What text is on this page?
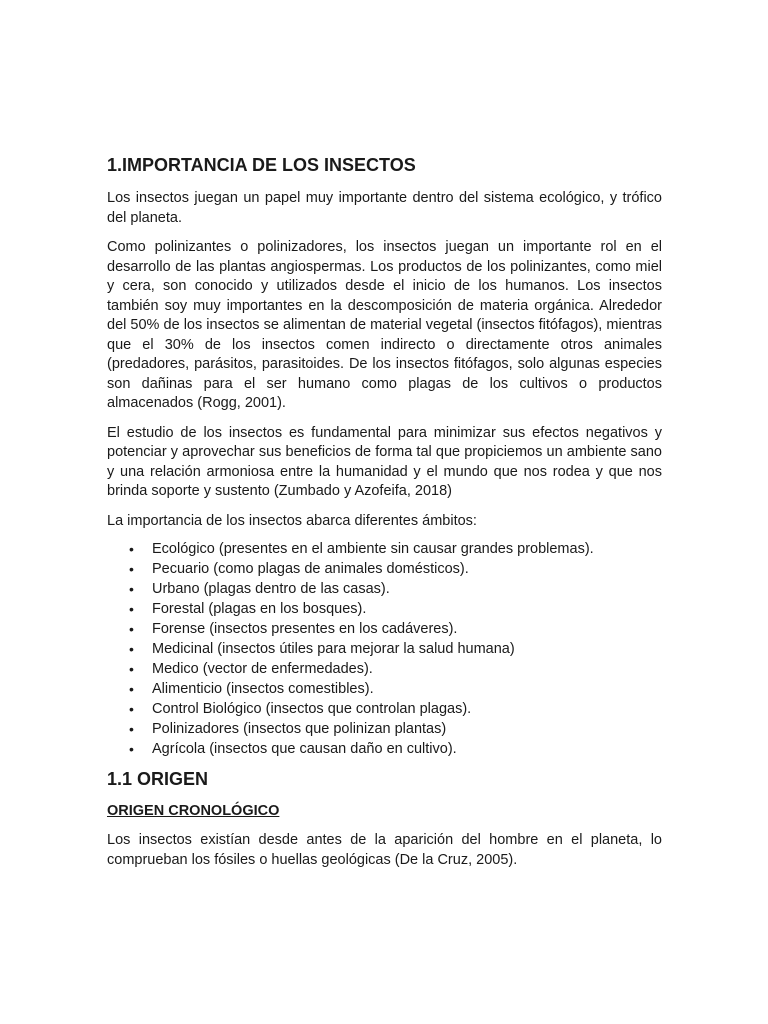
1.IMPORTANCIA DE LOS INSECTOS

Los insectos juegan un papel muy importante dentro del sistema ecológico, y trófico del planeta.

Como polinizantes o polinizadores, los insectos juegan un importante rol en el desarrollo de las plantas angiospermas. Los productos de los polinizantes, como miel y cera, son conocido y utilizados desde el inicio de los humanos. Los insectos también soy muy importantes en la descomposición de materia orgánica. Alrededor del 50% de los insectos se alimentan de material vegetal (insectos fitófagos), mientras que el 30% de los insectos comen indirecto o directamente otros animales (predadores, parásitos, parasitoides. De los insectos fitófagos, solo algunas especies son dañinas para el ser humano como plagas de los cultivos o productos almacenados (Rogg, 2001).

El estudio de los insectos es fundamental para minimizar sus efectos negativos y potenciar y aprovechar sus beneficios de forma tal que propiciemos un ambiente sano y una relación armoniosa entre la humanidad y el mundo que nos rodea y que nos brinda soporte y sustento (Zumbado y Azofeifa, 2018)

La importancia de los insectos abarca diferentes ámbitos:

• Ecológico (presentes en el ambiente sin causar grandes problemas).
• Pecuario (como plagas de animales domésticos).
• Urbano (plagas dentro de las casas).
• Forestal (plagas en los bosques).
• Forense (insectos presentes en los cadáveres).
• Medicinal (insectos útiles para mejorar la salud humana)
• Medico (vector de enfermedades).
• Alimenticio (insectos comestibles).
• Control Biológico (insectos que controlan plagas).
• Polinizadores (insectos que polinizan plantas)
• Agrícola (insectos que causan daño en cultivo).
1.1 ORIGEN
ORIGEN CRONOLÓGICO

Los insectos existían desde antes de la aparición del hombre en el planeta, lo comprueban los fósiles o huellas geológicas (De la Cruz, 2005).
